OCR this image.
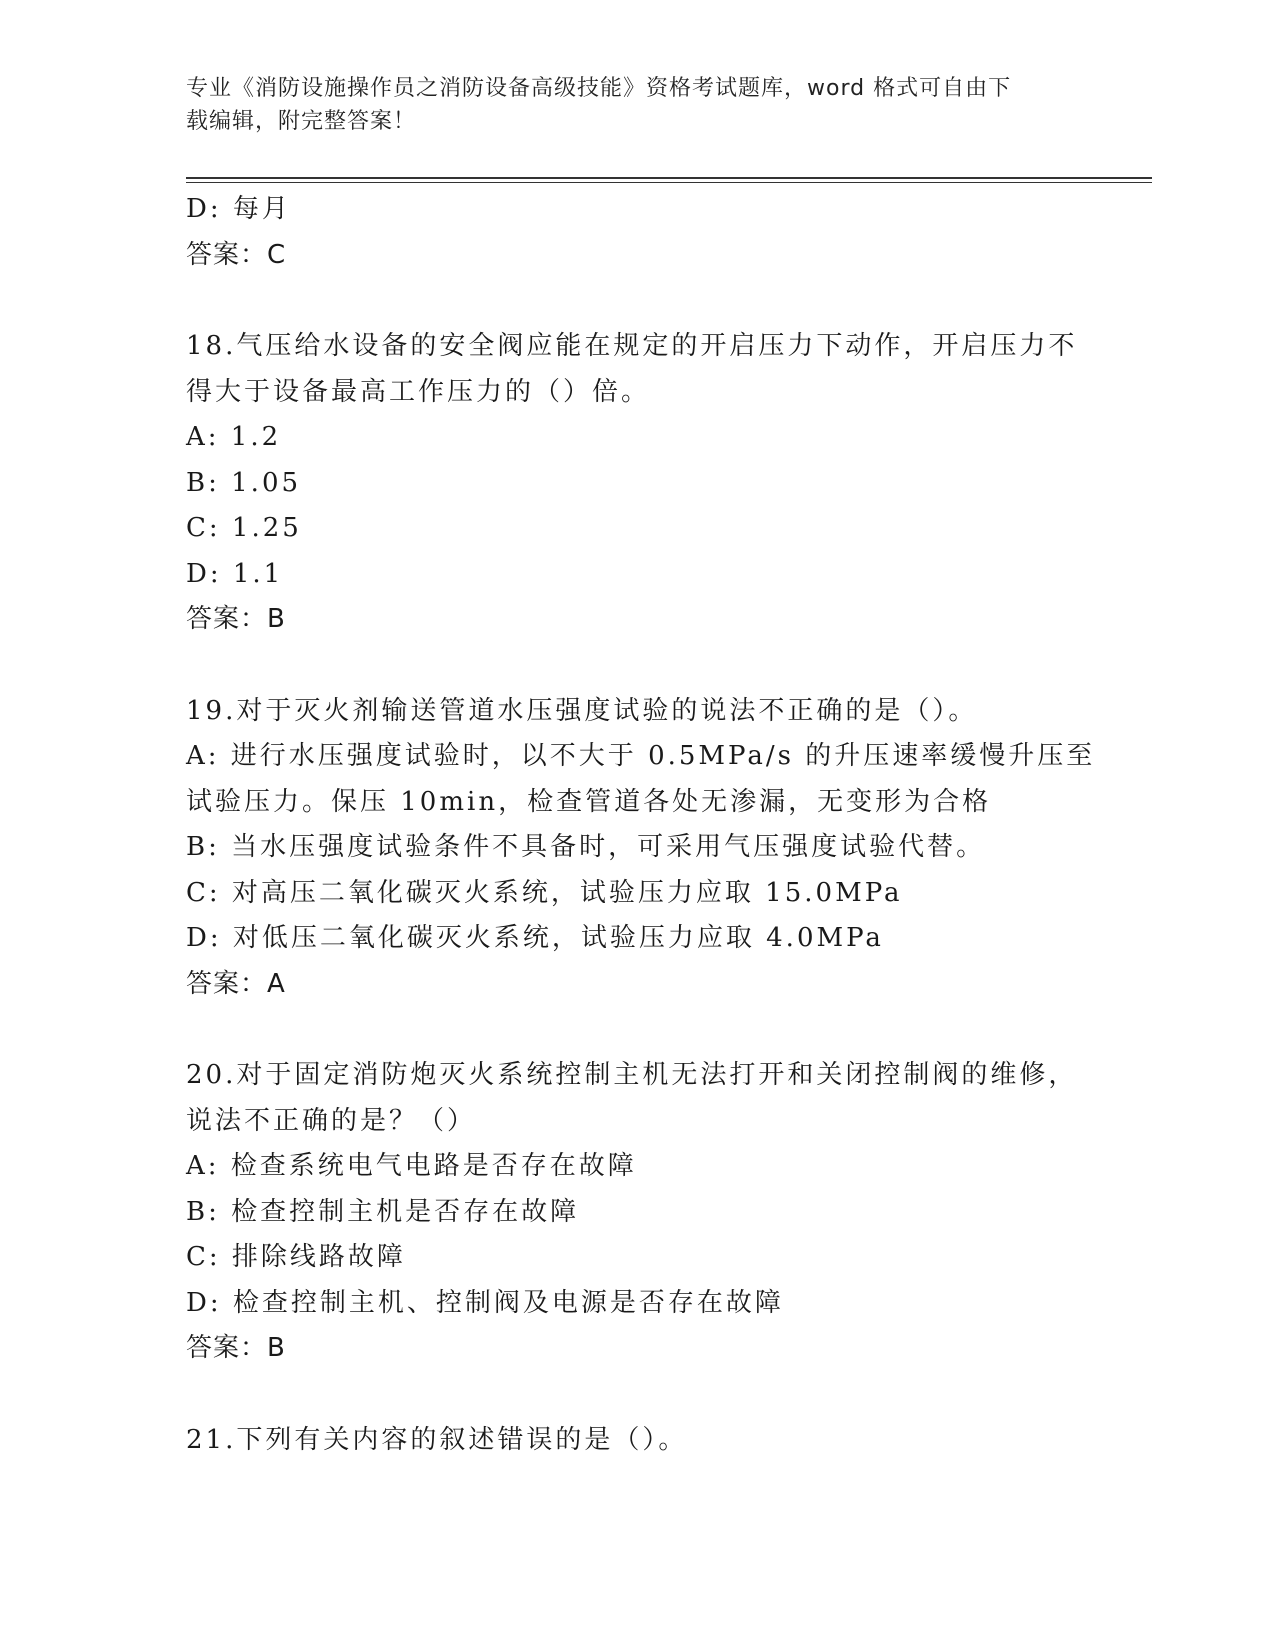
专业《消防设施操作员之消防设备高级技能》资格考试题库，word 格式可自由下
载编辑，附完整答案！
D: 每月
答案：C
18.气压给水设备的安全阀应能在规定的开启压力下动作，开启压力不
得大于设备最高工作压力的（）倍。
A: 1.2
B: 1.05
C: 1.25
D: 1.1
答案：B
19.对于灭火剂输送管道水压强度试验的说法不正确的是（）。
A: 进行水压强度试验时，以不大于 0.5MPa/s 的升压速率缓慢升压至
试验压力。保压 10min，检查管道各处无渗漏，无变形为合格
B: 当水压强度试验条件不具备时，可采用气压强度试验代替。
C: 对高压二氧化碳灭火系统，试验压力应取 15.0MPa
D: 对低压二氧化碳灭火系统，试验压力应取 4.0MPa
答案：A
20.对于固定消防炮灭火系统控制主机无法打开和关闭控制阀的维修，
说法不正确的是？（）
A: 检查系统电气电路是否存在故障
B: 检查控制主机是否存在故障
C: 排除线路故障
D: 检查控制主机、控制阀及电源是否存在故障
答案：B
21.下列有关内容的叙述错误的是（）。
